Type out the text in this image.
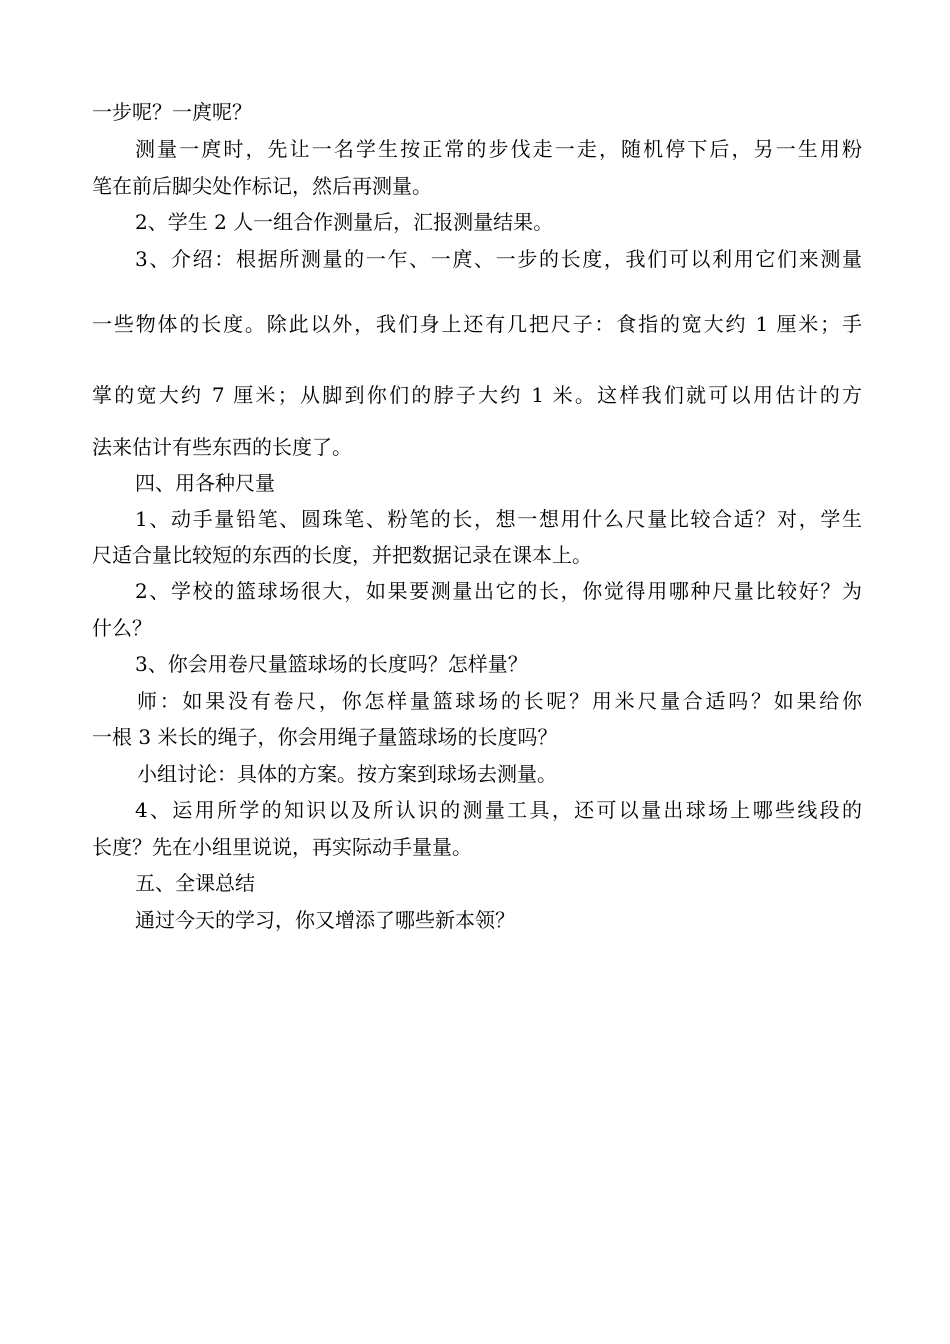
一步呢？一庹呢？
测量一庹时，先让一名学生按正常的步伐走一走，随机停下后，另一生用粉
笔在前后脚尖处作标记，然后再测量。
2、学生 2 人一组合作测量后，汇报测量结果。
3、介绍：根据所测量的一乍、一庹、一步的长度，我们可以利用它们来测量
一些物体的长度。除此以外，我们身上还有几把尺子：食指的宽大约 1 厘米；手
掌的宽大约 7 厘米；从脚到你们的脖子大约 1 米。这样我们就可以用估计的方
法来估计有些东西的长度了。
四、用各种尺量
1、动手量铅笔、圆珠笔、粉笔的长，想一想用什么尺量比较合适？对，学生
尺适合量比较短的东西的长度，并把数据记录在课本上。
2、学校的篮球场很大，如果要测量出它的长，你觉得用哪种尺量比较好？为
什么？
3、你会用卷尺量篮球场的长度吗？怎样量？
师：如果没有卷尺，你怎样量篮球场的长呢？用米尺量合适吗？如果给你
一根 3 米长的绳子，你会用绳子量篮球场的长度吗？
小组讨论：具体的方案。按方案到球场去测量。
4、运用所学的知识以及所认识的测量工具，还可以量出球场上哪些线段的
长度？先在小组里说说，再实际动手量量。
五、全课总结
通过今天的学习，你又增添了哪些新本领？
